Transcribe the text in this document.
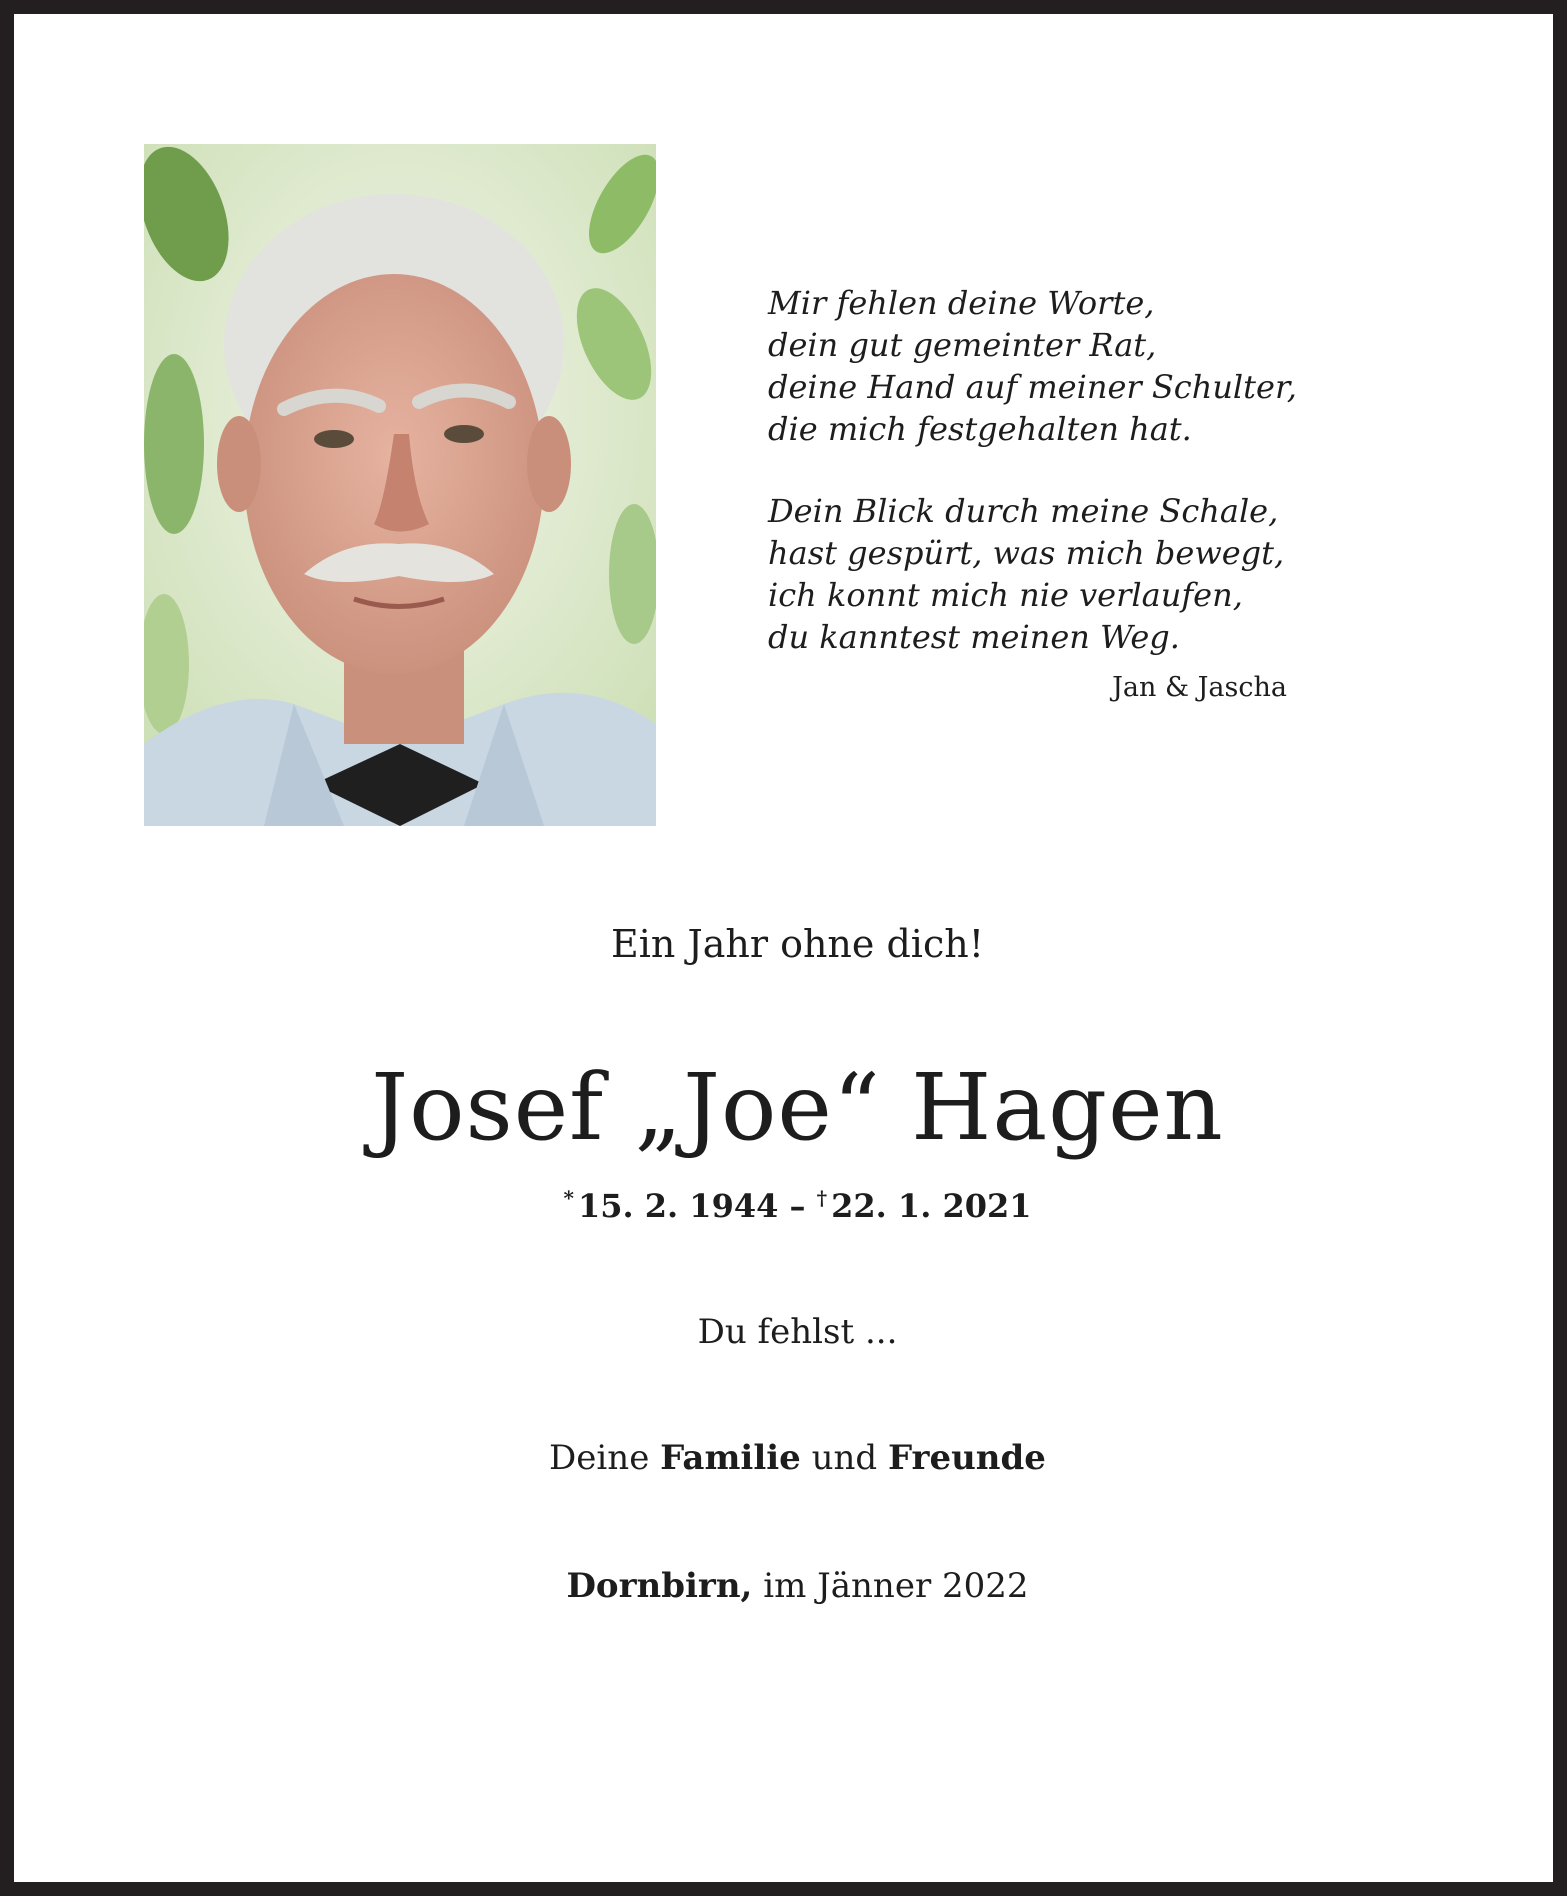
Mir fehlen deine Worte,
dein gut gemeinter Rat,
deine Hand auf meiner Schulter,
die mich festgehalten hat.
Dein Blick durch meine Schale,
hast gespürt, was mich bewegt,
ich konnt mich nie verlaufen,
du kanntest meinen Weg.
Jan & Jascha
Ein Jahr ohne dich!
Josef „Joe“ Hagen
* 15. 2. 1944 – † 22. 1. 2021
Du fehlst ...
Deine Familie und Freunde
Dornbirn, im Jänner 2022
